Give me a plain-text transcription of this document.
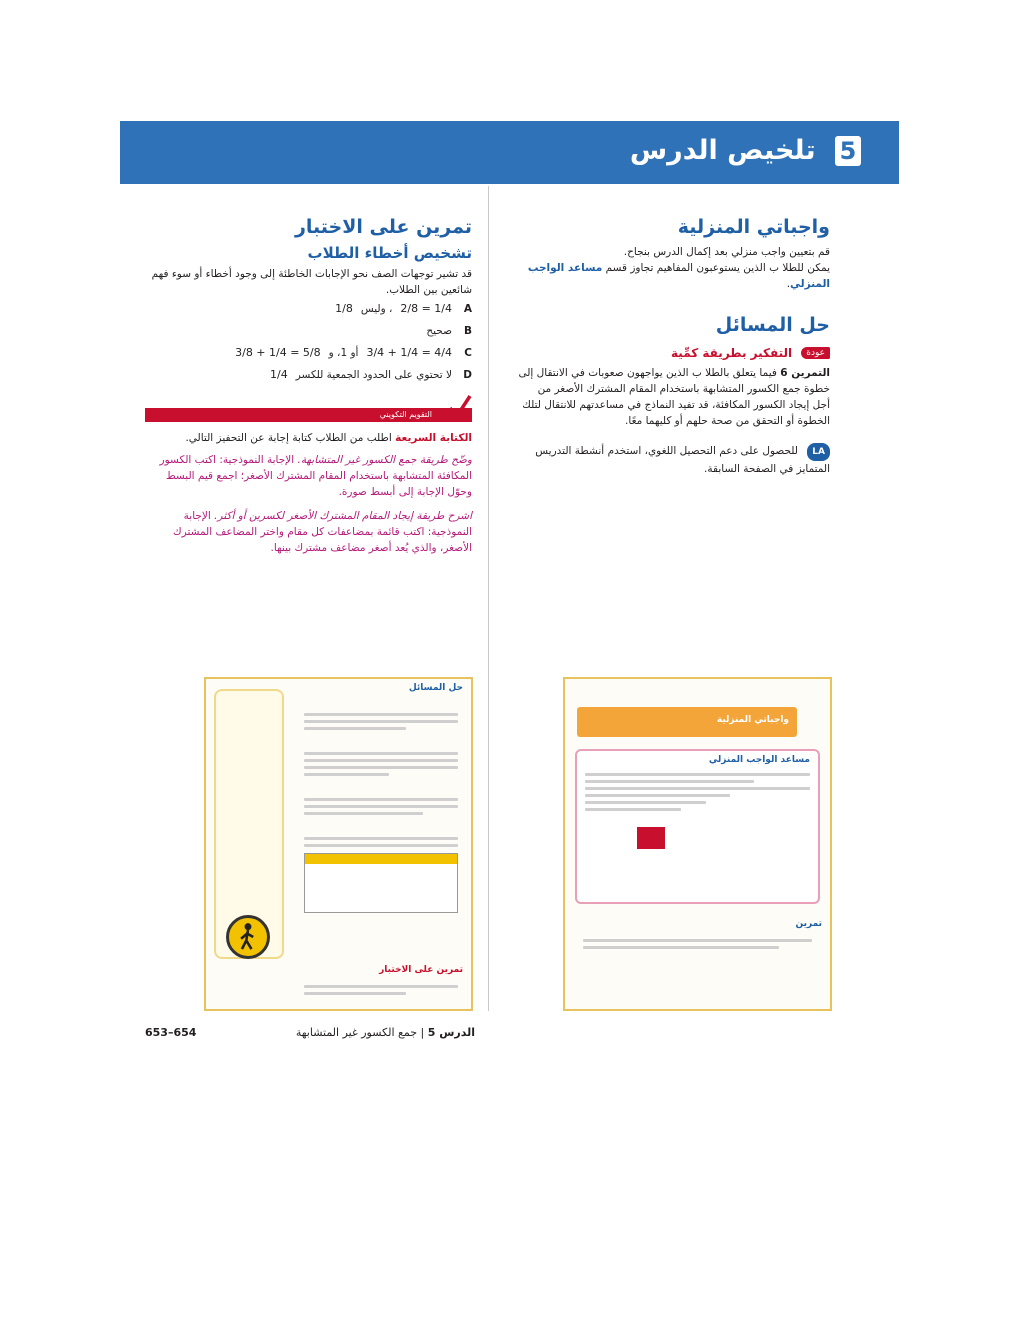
5 تلخيص الدرس
واجباتي المنزلية
قم بتعيين واجب منزلي بعد إكمال الدرس بنجاح.
يمكن للطلا ب الذين يستوعبون المفاهيم تجاوز قسم مساعد الواجب المنزلي.
حل المسائل
عودة التفكير بطريقة كمِّية
التمرين 6 فيما يتعلق بالطلا ب الذين يواجهون صعوبات في الانتقال إلى خطوة جمع الكسور المتشابهة باستخدام المقام المشترك الأصغر من أجل إيجاد الكسور المكافئة، قد تفيد النماذج في مساعدتهم للانتقال لتلك الخطوة أو التحقق من صحة حلهم أو كليهما معًا.
LA للحصول على دعم التحصيل اللغوي، استخدم أنشطة التدريس المتمايز في الصفحة السابقة.
تمرين على الاختبار
تشخيص أخطاء الطلاب
قد تشير توجهات الصف نحو الإجابات الخاطئة إلى وجود أخطاء أو سوء فهم شائعين بين الطلاب.
A
2/8 = 1/4
، وليس
1/8
B
صحيح
C
3/4 + 1/4 = 4/4
أو 1، و
3/8 + 1/4 = 5/8
D
لا تحتوي على الحدود الجمعية للكسر
1/4
التقويم التكويني
الكتابة السريعة اطلب من الطلاب كتابة إجابة عن التحفيز التالي.
وضّح طريقة جمع الكسور غير المتشابهة. الإجابة النموذجية: اكتب الكسور المكافئة المتشابهة باستخدام المقام المشترك الأصغر؛ اجمع قيم البسط وحوّل الإجابة إلى أبسط صورة.
اشرح طريقة إيجاد المقام المشترك الأصغر لكسرين أو أكثر. الإجابة النموذجية: اكتب قائمة بمضاعفات كل مقام واختر المضاعف المشترك الأصغر، والذي يُعد أصغر مضاعف مشترك بينها.
حل المسائل
تمرين على الاختبار
واجباتي المنزلية
مساعد الواجب المنزلي
تمرين
الدرس 5 | جمع الكسور غير المتشابهة
653–654
